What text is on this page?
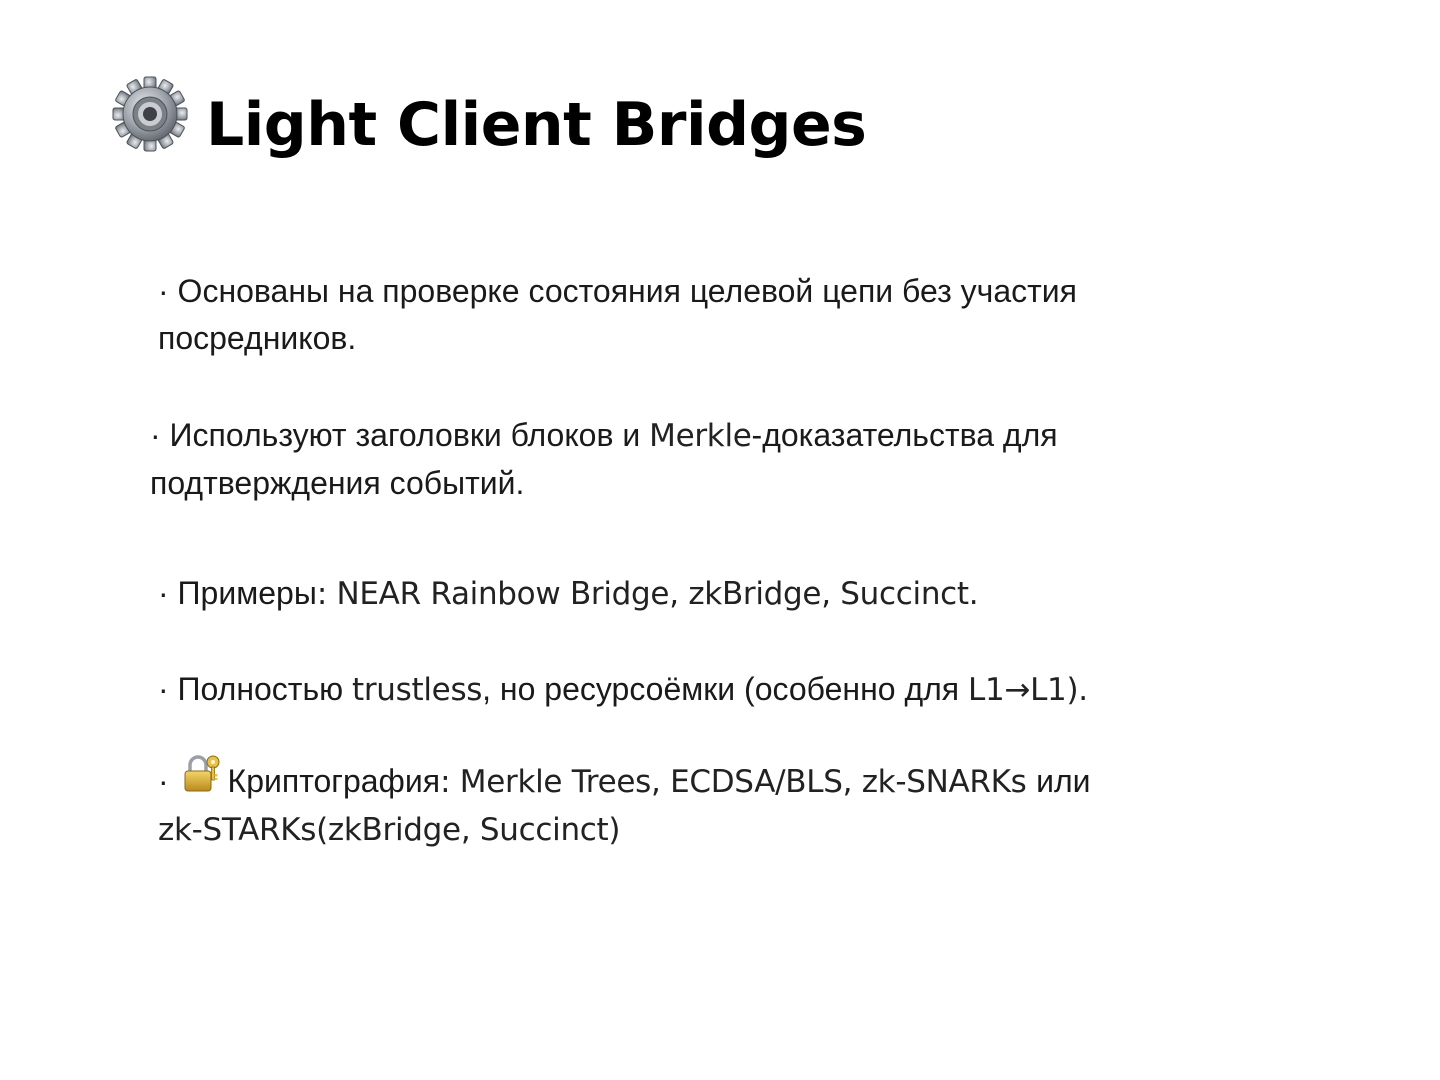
Light Client Bridges
· Основаны на проверке состояния целевой цепи без участия
посредников.
· Используют заголовки блоков и Merkle-доказательства для
подтверждения событий.
· Примеры: NEAR Rainbow Bridge, zkBridge, Succinct.
· Полностью trustless, но ресурсоёмки (особенно для L1→L1).
· Криптография: Merkle Trees, ECDSA/BLS, zk-SNARKs или
zk-STARKs(zkBridge, Succinct)
